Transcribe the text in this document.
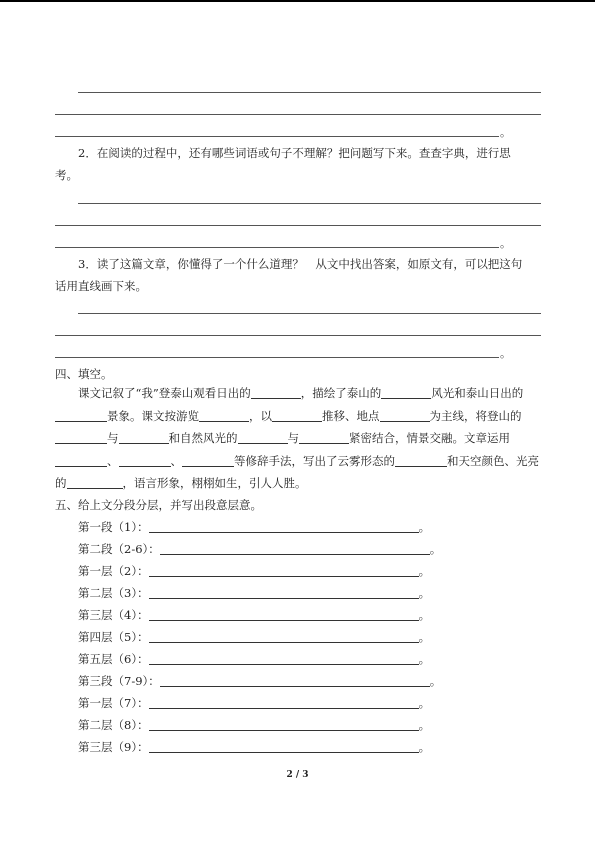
。
2．在阅读的过程中，还有哪些词语或句子不理解？把问题写下来。查查字典，进行思
考。
。
3．读了这篇文章，你懂得了一个什么道理？　从文中找出答案，如原文有，可以把这句
话用直线画下来。
。
四、填空。
课文记叙了“我”登泰山观看日出的	，描绘了泰山的	风光和泰山日出的景象。课文按游览	，以	推移、地点	为主线，将登山的与	和自然风光的	与	紧密结合，情景交融。文章运用、	、	等修辞手法，写出了云雾形态的	和天空颜色、光亮的	，语言形象，栩栩如生，引人人胜。
五、给上文分段分层，并写出段意层意。
第一段（1）：	。
第二段（2-6）：	。
第一层（2）：	。
第二层（3）：	。
第三层（4）：	。
第四层（5）：	。
第五层（6）：	。
第三段（7-9）：	。
第一层（7）：	。
第二层（8）：	。
第三层（9）：	。
2 / 3
